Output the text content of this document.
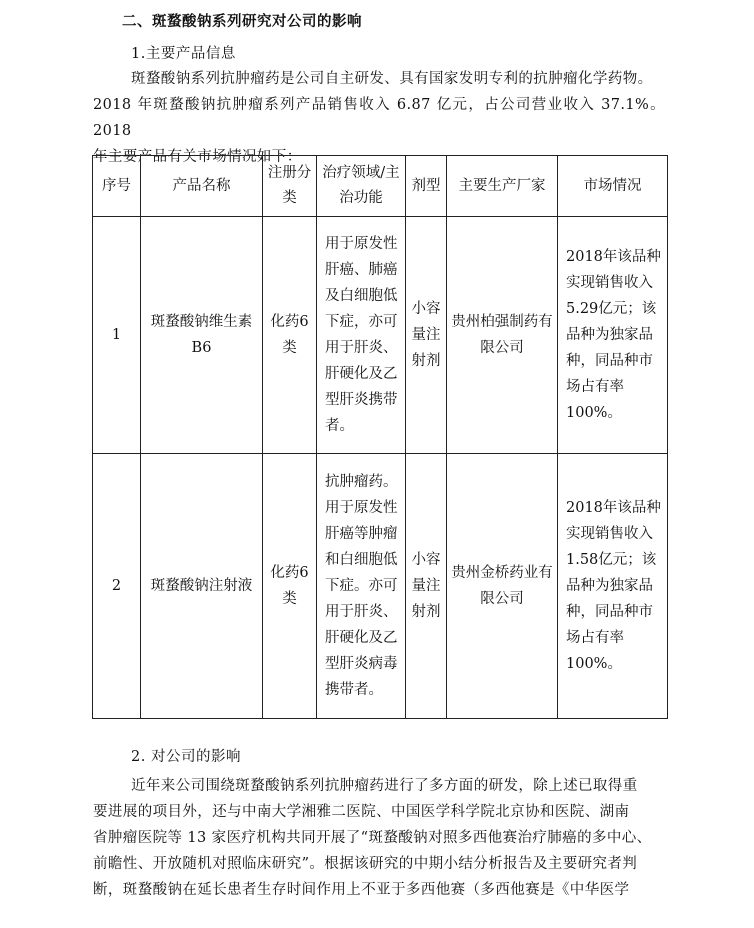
二、斑蝥酸钠系列研究对公司的影响
1.主要产品信息
斑蝥酸钠系列抗肿瘤药是公司自主研发、具有国家发明专利的抗肿瘤化学药物。
2018 年斑蝥酸钠抗肿瘤系列产品销售收入 6.87 亿元，占公司营业收入 37.1%。2018
年主要产品有关市场情况如下：
序号	产品名称	注册分类	治疗领域/主治功能	剂型	主要生产厂家	市场情况
1	斑蝥酸钠维生素B6	化药6类	用于原发性肝癌、肺癌及白细胞低下症，亦可用于肝炎、肝硬化及乙型肝炎携带者。	小容量注射剂	贵州柏强制药有限公司	2018年该品种实现销售收入5.29亿元；该品种为独家品种，同品种市场占有率100%。
2	斑蝥酸钠注射液	化药6类	抗肿瘤药。用于原发性肝癌等肿瘤和白细胞低下症。亦可用于肝炎、肝硬化及乙型肝炎病毒携带者。	小容量注射剂	贵州金桥药业有限公司	2018年该品种实现销售收入1.58亿元；该品种为独家品种，同品种市场占有率100%。
2. 对公司的影响
近年来公司围绕斑蝥酸钠系列抗肿瘤药进行了多方面的研发，除上述已取得重
要进展的项目外，还与中南大学湘雅二医院、中国医学科学院北京协和医院、湖南
省肿瘤医院等 13 家医疗机构共同开展了“斑蝥酸钠对照多西他赛治疗肺癌的多中心、
前瞻性、开放随机对照临床研究”。根据该研究的中期小结分析报告及主要研究者判
断，斑蝥酸钠在延长患者生存时间作用上不亚于多西他赛（多西他赛是《中华医学
